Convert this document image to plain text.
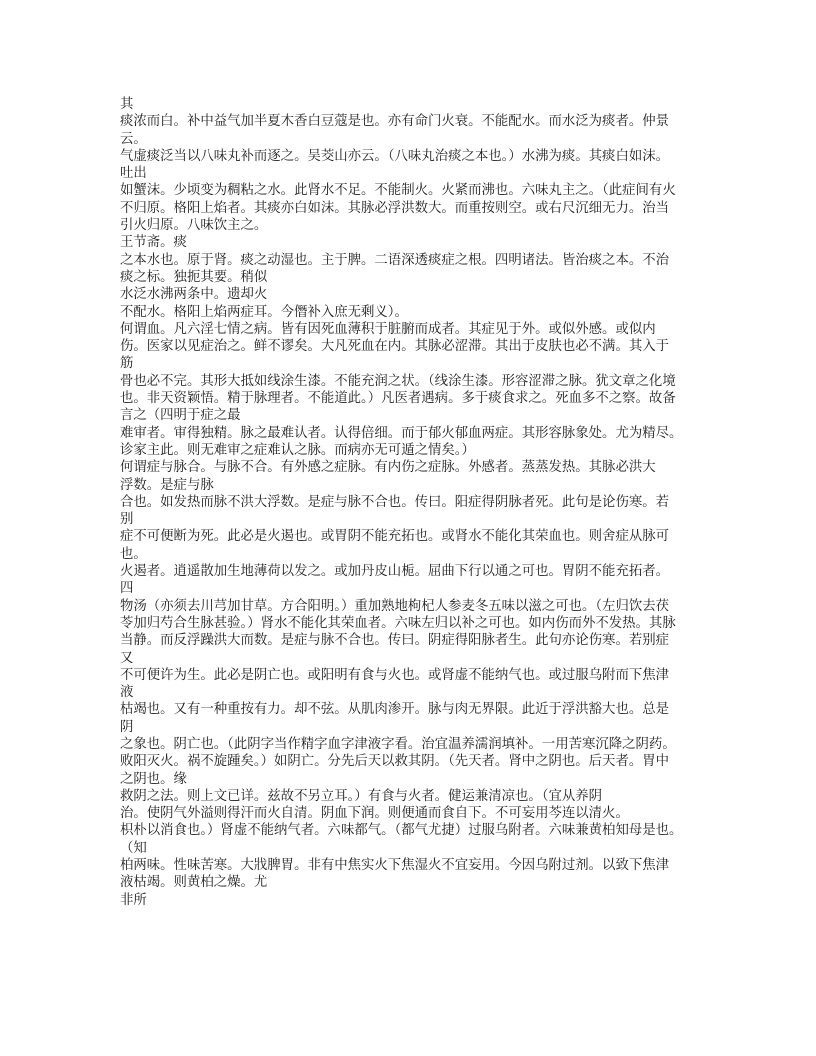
其
痰浓而白。补中益气加半夏木香白豆蔻是也。亦有命门火衰。不能配水。而水泛为痰者。仲景
云。
气虚痰泛当以八味丸补而逐之。吴茭山亦云。（八味丸治痰之本也。）水沸为痰。其痰白如沫。
吐出
如蟹沫。少顷变为稠粘之水。此肾水不足。不能制火。火紧而沸也。六味丸主之。（此症间有火
不归原。格阳上焰者。其痰亦白如沫。其脉必浮洪数大。而重按则空。或右尺沉细无力。治当
引火归原。八味饮主之。
王节斋。痰
之本水也。原于肾。痰之动湿也。主于脾。二语深透痰症之根。四明诸法。皆治痰之本。不治
痰之标。独扼其要。稍似
水泛水沸两条中。遗却火
不配水。格阳上焰两症耳。今僭补入庶无剩义）。
何谓血。凡六淫七情之病。皆有因死血薄积于脏腑而成者。其症见于外。或似外感。或似内
伤。医家以见症治之。鲜不谬矣。大凡死血在内。其脉必涩滞。其出于皮肤也必不满。其入于
筋
骨也必不完。其形大抵如线涂生漆。不能充润之状。（线涂生漆。形容涩滞之脉。犹文章之化境
也。非天资颖悟。精于脉理者。不能道此。）凡医者遇病。多于痰食求之。死血多不之察。故备
言之（四明于症之最
难审者。审得独精。脉之最难认者。认得倍细。而于郁火郁血两症。其形容脉象处。尤为精尽。
诊家主此。则无难审之症难认之脉。而病亦无可遁之情矣。）
何谓症与脉合。与脉不合。有外感之症脉。有内伤之症脉。外感者。蒸蒸发热。其脉必洪大
浮数。是症与脉
合也。如发热而脉不洪大浮数。是症与脉不合也。传曰。阳症得阴脉者死。此句是论伤寒。若
别
症不可便断为死。此必是火遏也。或胃阴不能充拓也。或肾水不能化其荣血也。则舍症从脉可
也。
火遏者。逍遥散加生地薄荷以发之。或加丹皮山栀。屈曲下行以通之可也。胃阴不能充拓者。
四
物汤（亦须去川芎加甘草。方合阳明。）重加熟地枸杞人参麦冬五味以滋之可也。（左归饮去茯
苓加归芍合生脉甚验。）肾水不能化其荣血者。六味左归以补之可也。如内伤而外不发热。其脉
当静。而反浮躁洪大而数。是症与脉不合也。传曰。阴症得阳脉者生。此句亦论伤寒。若别症
又
不可便许为生。此必是阴亡也。或阳明有食与火也。或肾虚不能纳气也。或过服乌附而下焦津
液
枯竭也。又有一种重按有力。却不弦。从肌肉渗开。脉与肉无界限。此近于浮洪豁大也。总是
阴
之象也。阴亡也。（此阴字当作精字血字津液字看。治宜温养濡润填补。一用苦寒沉降之阴药。
败阳灭火。祸不旋踵矣。）如阴亡。分先后天以救其阴。（先天者。肾中之阴也。后天者。胃中
之阴也。缘
救阴之法。则上文已详。兹故不另立耳。）有食与火者。健运兼清凉也。（宜从养阴
治。使阴气外溢则得汗而火自清。阴血下润。则便通而食自下。不可妄用芩连以清火。
枳朴以消食也。）肾虚不能纳气者。六味都气。（都气尤捷）过服乌附者。六味兼黄柏知母是也。
（知
柏两味。性味苦寒。大戕脾胃。非有中焦实火下焦湿火不宜妄用。今因乌附过剂。以致下焦津
液枯竭。则黄柏之燥。尤
非所
